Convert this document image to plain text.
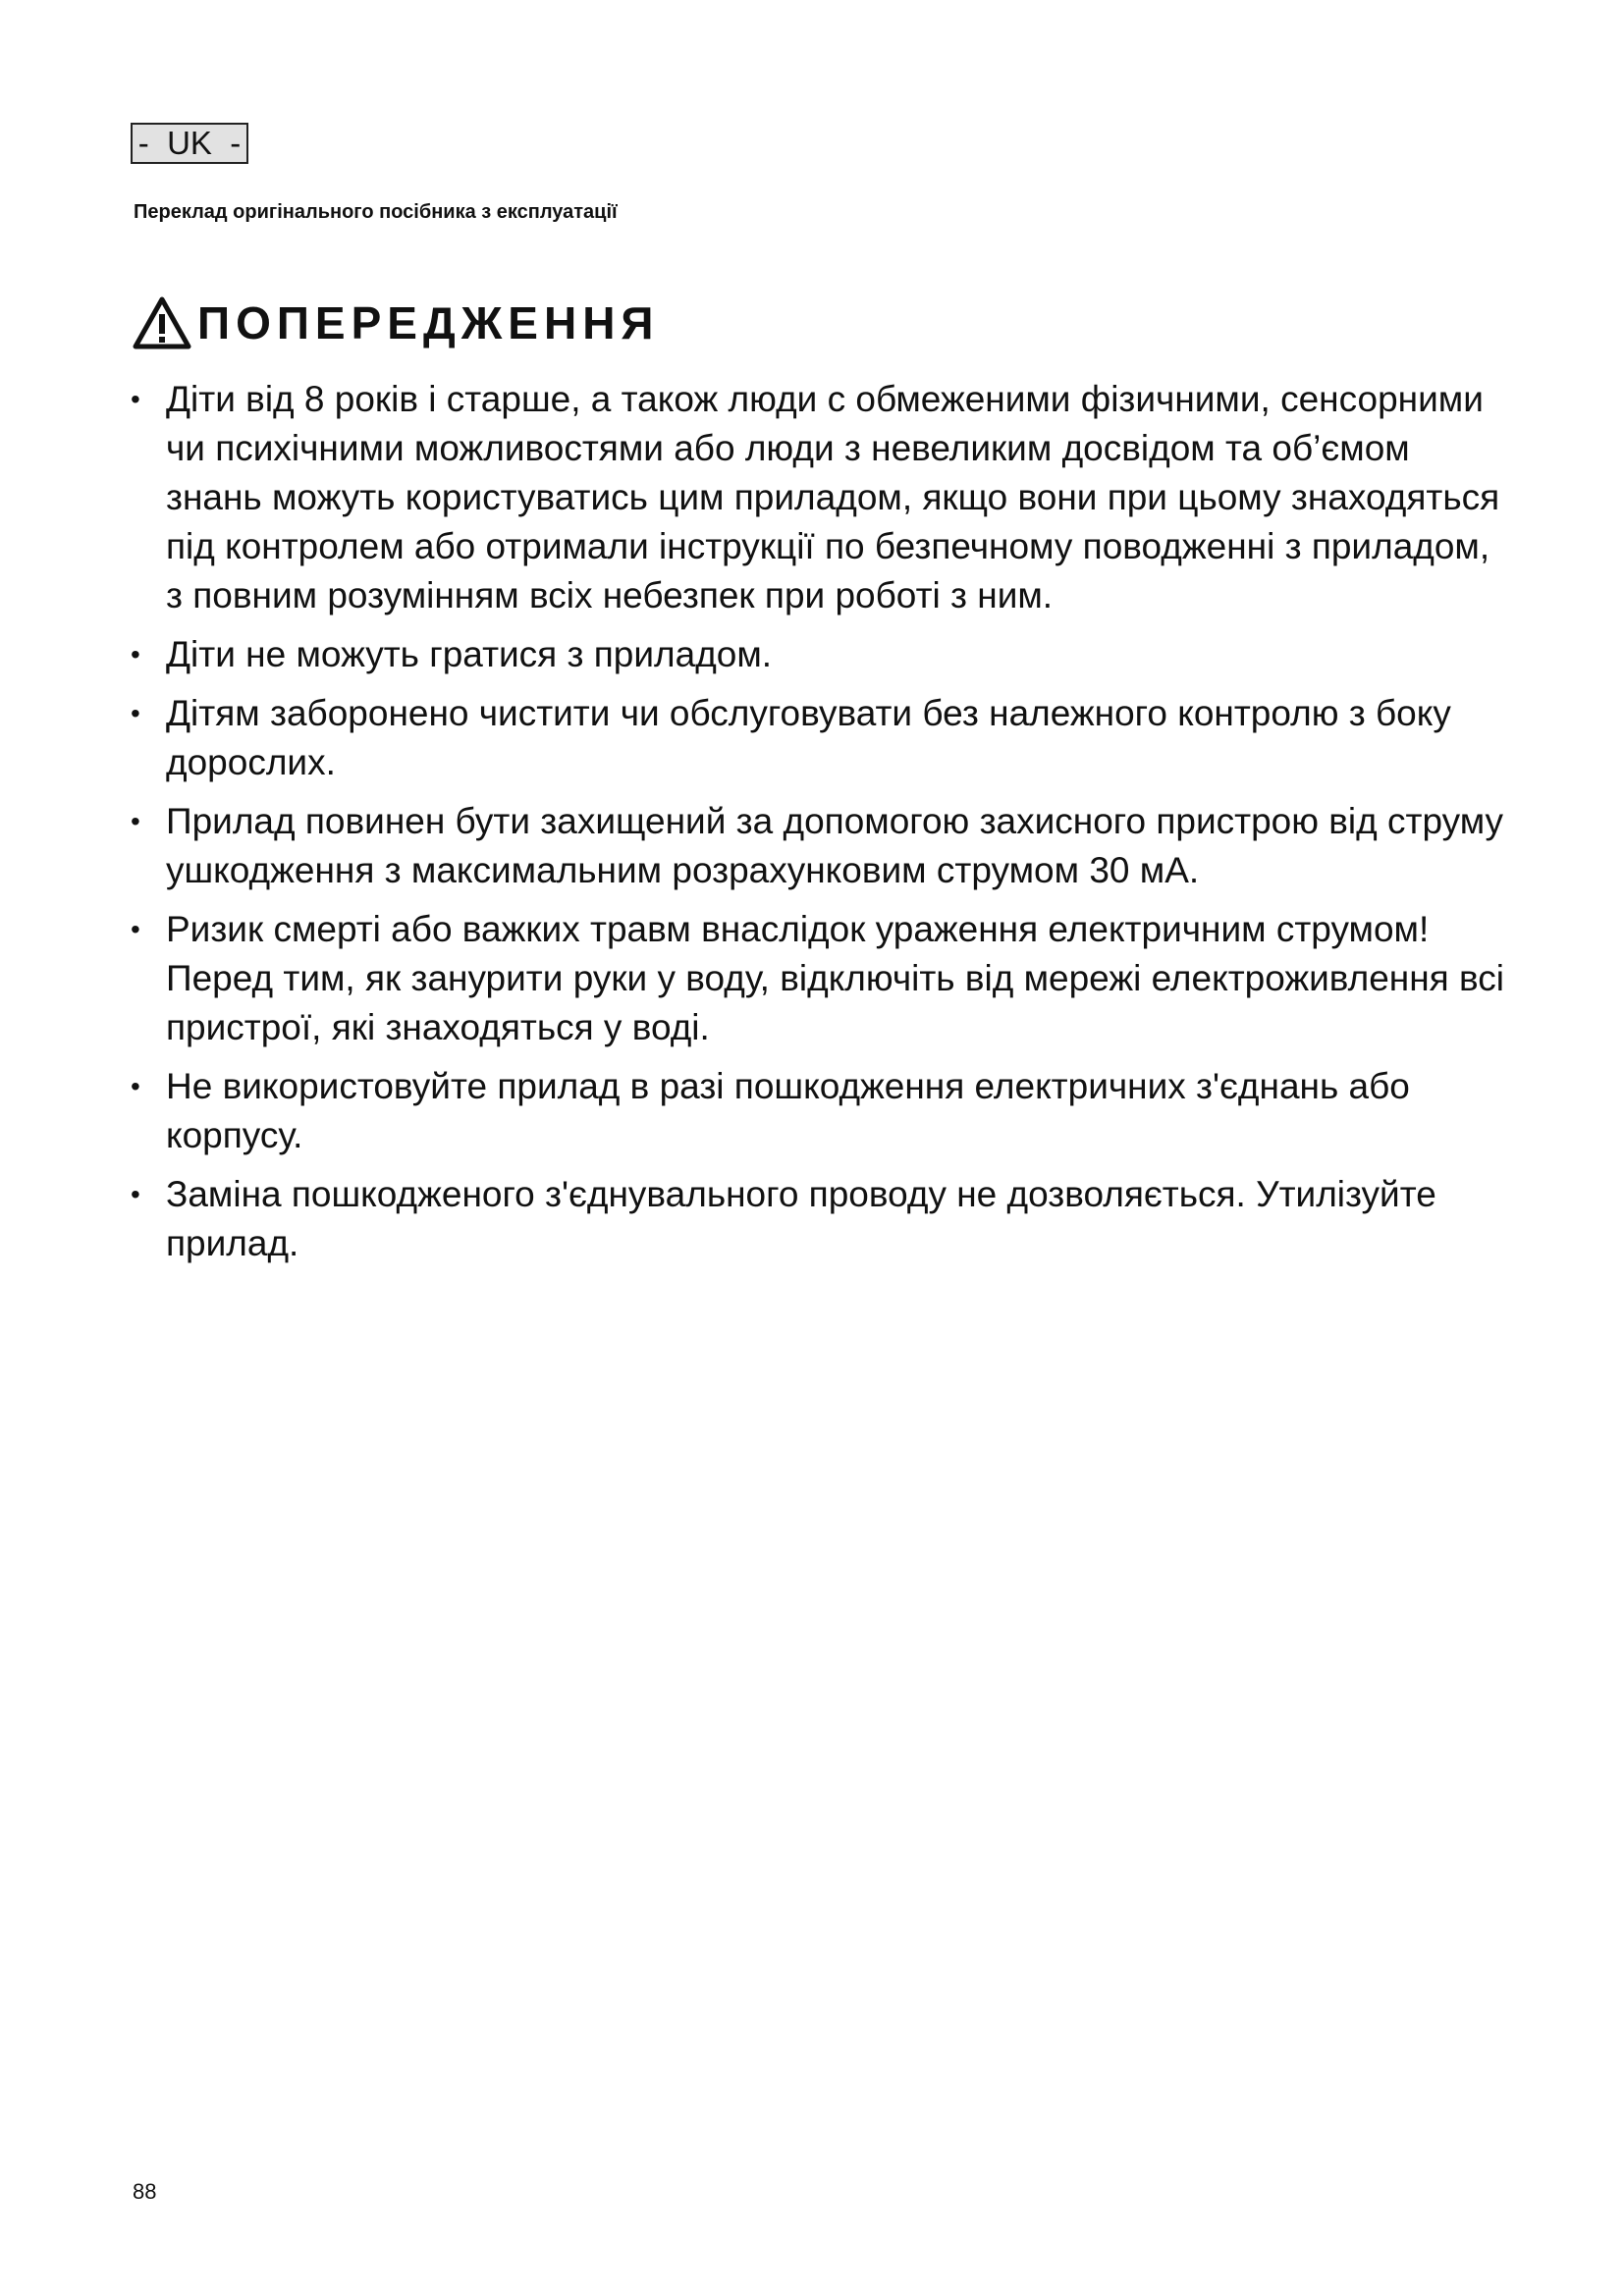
-  UK  -
Переклад оригінального посібника з експлуатації
ПОПЕРЕДЖЕННЯ
• Діти від 8 років і старше, а також люди с обмеженими фізичними, сенсорними чи психічними можливостями або люди з невеликим досвідом та об’ємом знань можуть користуватись цим приладом, якщо вони при цьому знаходяться під контролем або отримали інструкції по безпечному поводженні з приладом, з повним розумінням всіх небезпек при роботі з ним.
• Діти не можуть гратися з приладом.
• Дітям заборонено чистити чи обслуговувати без належного контролю з боку дорослих.
• Прилад повинен бути захищений за допомогою захисного пристрою від струму ушкодження з максимальним розрахунковим струмом 30 мА.
• Ризик смерті або важких травм внаслідок ураження електричним струмом! Перед тим, як занурити руки у воду, відключіть від мережі електроживлення всі пристрої, які знаходяться у воді.
• Не використовуйте прилад в разі пошкодження електричних з'єднань або корпусу.
• Заміна пошкодженого з'єднувального проводу не дозволяється. Утилізуйте прилад.
88
